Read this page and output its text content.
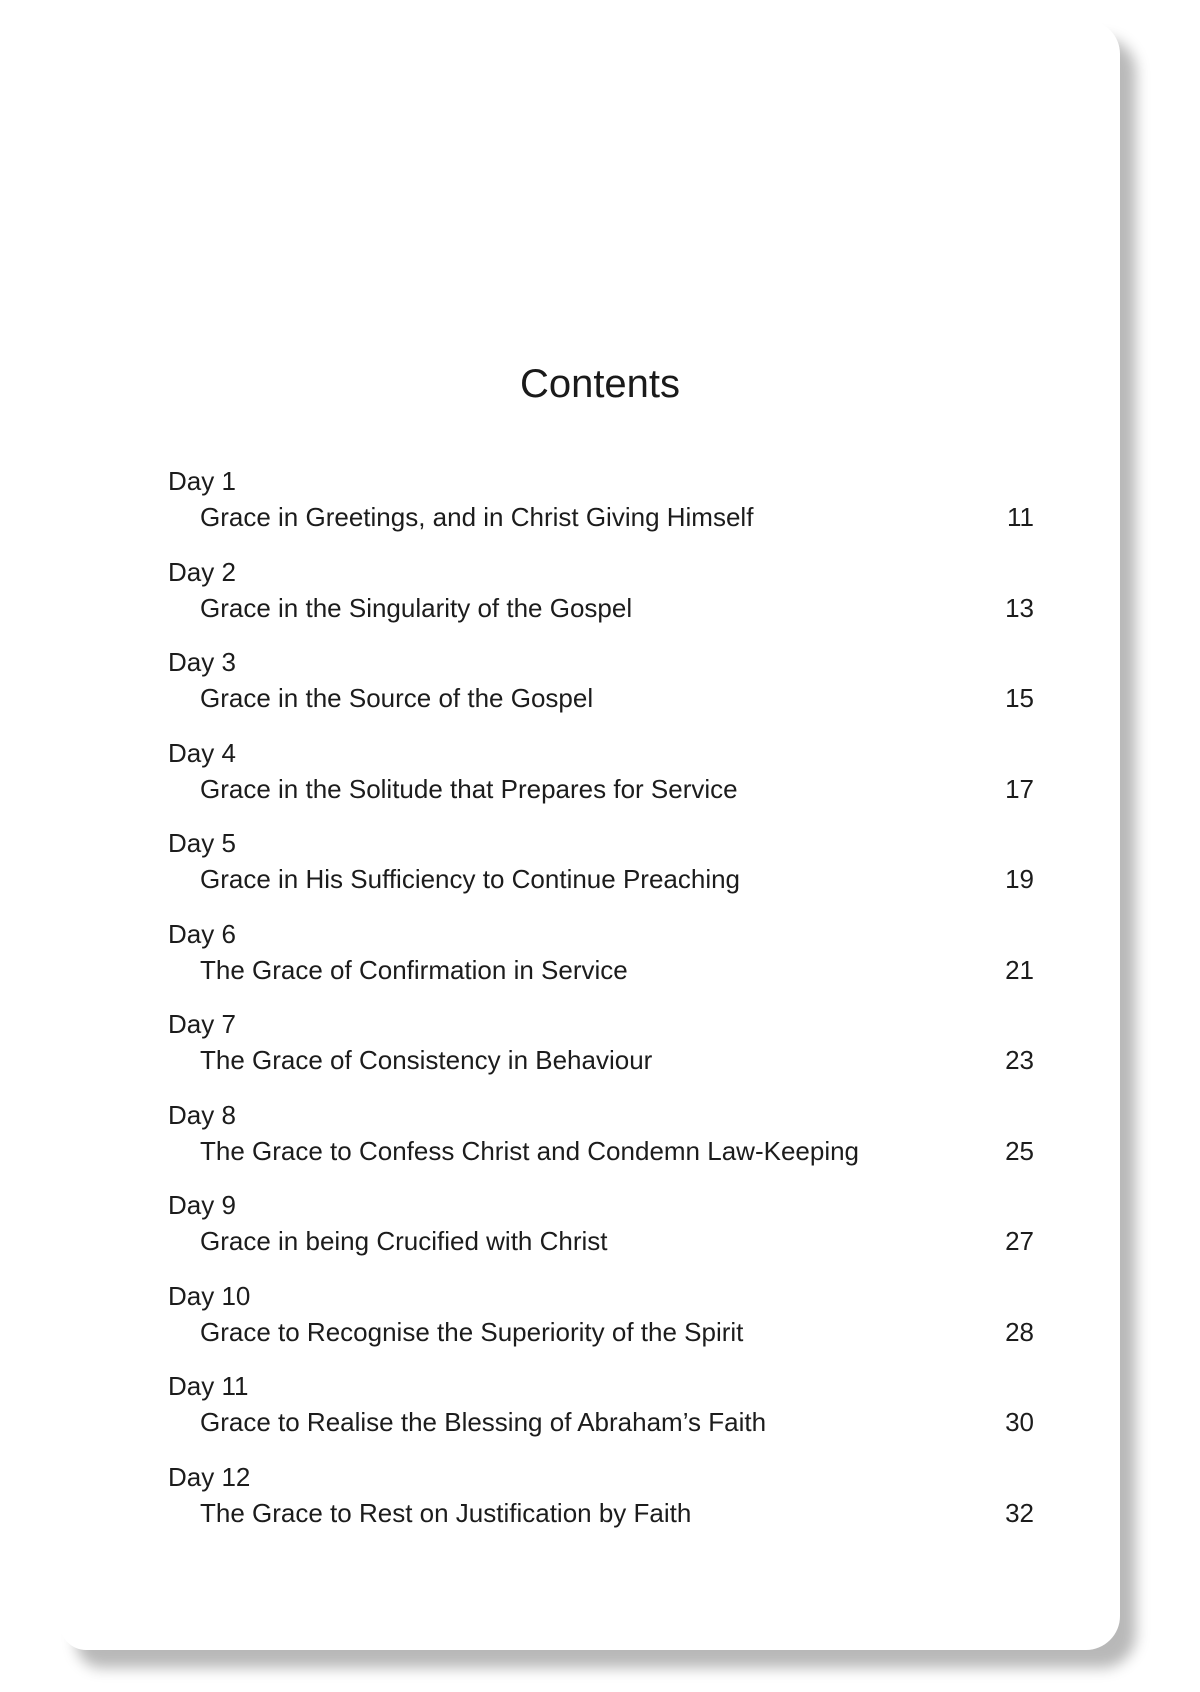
Contents
Day 1
Grace in Greetings, and in Christ Giving Himself	11
Day 2
Grace in the Singularity of the Gospel	13
Day 3
Grace in the Source of the Gospel	15
Day 4
Grace in the Solitude that Prepares for Service	17
Day 5
Grace in His Sufficiency to Continue Preaching	19
Day 6
The Grace of Confirmation in Service	21
Day 7
The Grace of Consistency in Behaviour	23
Day 8
The Grace to Confess Christ and Condemn Law-Keeping	25
Day 9
Grace in being Crucified with Christ	27
Day 10
Grace to Recognise the Superiority of the Spirit	28
Day 11
Grace to Realise the Blessing of Abraham’s Faith	30
Day 12
The Grace to Rest on Justification by Faith	32
